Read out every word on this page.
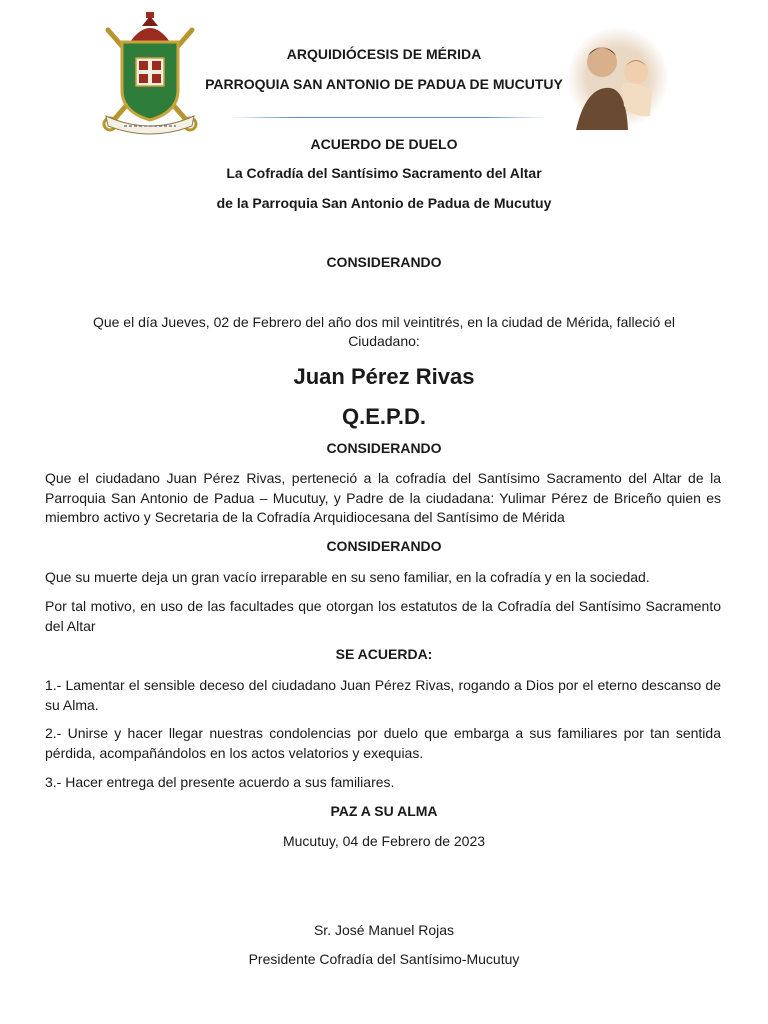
ARQUIDIÓCESIS DE MÉRIDA
PARROQUIA SAN ANTONIO DE PADUA DE MUCUTUY
ACUERDO DE DUELO
La Cofradía del Santísimo Sacramento del Altar
de la Parroquia San Antonio de Padua de Mucutuy
CONSIDERANDO
Que el día Jueves, 02 de Febrero del año dos mil veintitrés, en la ciudad de Mérida, falleció el Ciudadano:
Juan Pérez Rivas
Q.E.P.D.
CONSIDERANDO
Que el ciudadano Juan Pérez Rivas, perteneció a la cofradía del Santísimo Sacramento del Altar de la Parroquia San Antonio de Padua – Mucutuy, y Padre de la ciudadana: Yulimar Pérez de Briceño quien es miembro activo y Secretaria de la Cofradía Arquidiocesana del Santísimo de Mérida
CONSIDERANDO
Que su muerte deja un gran vacío irreparable en su seno familiar, en la cofradía y en la sociedad.
Por tal motivo, en uso de las facultades que otorgan los estatutos de la Cofradía del Santísimo Sacramento del Altar
SE ACUERDA:
1.- Lamentar el sensible deceso del ciudadano Juan Pérez Rivas, rogando a Dios por el eterno descanso de su Alma.
2.- Unirse y hacer llegar nuestras condolencias por duelo que embarga a sus familiares por tan sentida pérdida, acompañándolos en los actos velatorios y exequias.
3.- Hacer entrega del presente acuerdo a sus familiares.
PAZ A SU ALMA
Mucutuy, 04 de Febrero de 2023
Sr. José Manuel Rojas
Presidente Cofradía del Santísimo-Mucutuy
